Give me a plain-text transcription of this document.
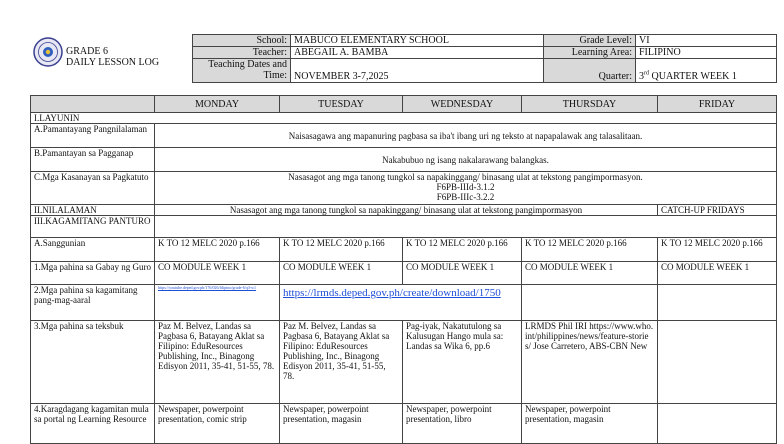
GRADE 6
DAILY LESSON LOG
School:	MABUCO ELEMENTARY SCHOOL	Grade Level:	VI
Teacher:	ABEGAIL A. BAMBA	Learning Area:	FILIPINO

Teaching Dates and
Time:	NOVEMBER 3-7,2025	Quarter:	3rd QUARTER WEEK 1
	MONDAY	TUESDAY	WEDNESDAY	THURSDAY	FRIDAY
I.LAYUNIN					
A.Pamantayang Pangnilalaman	Naisasagawa ang mapanuring pagbasa sa iba't ibang uri ng teksto at napapalawak ang talasalitaan.				
B.Pamantayan sa Pagganap	Nakabubuo ng isang nakalarawang balangkas.				
C.Mga Kasanayan sa Pagkatuto	Nasasagot ang mga tanong tungkol sa napakinggang/ binasang ulat at tekstong pangimpormasyon.
F6PB-IIId-3.1.2
F6PB-IIIc-3.2.2				

II.NILALAMAN	Nasasagot ang mga tanong tungkol sa napakinggang/ binasang ulat at tekstong pangimpormasyon				CATCH-UP FRIDAYS
III.KAGAMITANG PANTURO					
A.Sanggunian	K TO 12 MELC 2020 p.166	K TO 12 MELC 2020 p.166	K TO 12 MELC 2020 p.166	K TO 12 MELC 2020 p.166	K TO 12 MELC 2020 p.166
1.Mga pahina sa Gabay ng Guro	CO MODULE WEEK 1	CO MODULE WEEK 1	CO MODULE WEEK 1	CO MODULE WEEK 1	CO MODULE WEEK 1
2.Mga pahina sa kagamitang pang-mag-aaral	https://youtube.deped.gov.ph/176/026/filipino/grade-6/q3-w1	https://lrmds.deped.gov.ph/create/download/1750			
3.Mga pahina sa teksbuk	Paz M. Belvez, Landas sa Pagbasa 6, Batayang Aklat sa Filipino: EduResources Publishing, Inc., Binagong Edisyon 2011, 35-41, 51-55, 78.	Paz M. Belvez, Landas sa Pagbasa 6, Batayang Aklat sa Filipino: EduResources Publishing, Inc., Binagong Edisyon 2011, 35-41, 51-55, 78.	Pag-iyak, Nakatutulong sa Kalusugan Hango mula sa: Landas sa Wika 6, pp.6	LRMDS Phil IRI https://www.who.int/philippines/news/feature-stories/ Jose Carretero, ABS-CBN New	
4.Karagdagang kagamitan mula sa portal ng Learning Resource	Newspaper, powerpoint presentation, comic strip	Newspaper, powerpoint presentation, magasin	Newspaper, powerpoint presentation, libro	Newspaper, powerpoint presentation, magasin	
